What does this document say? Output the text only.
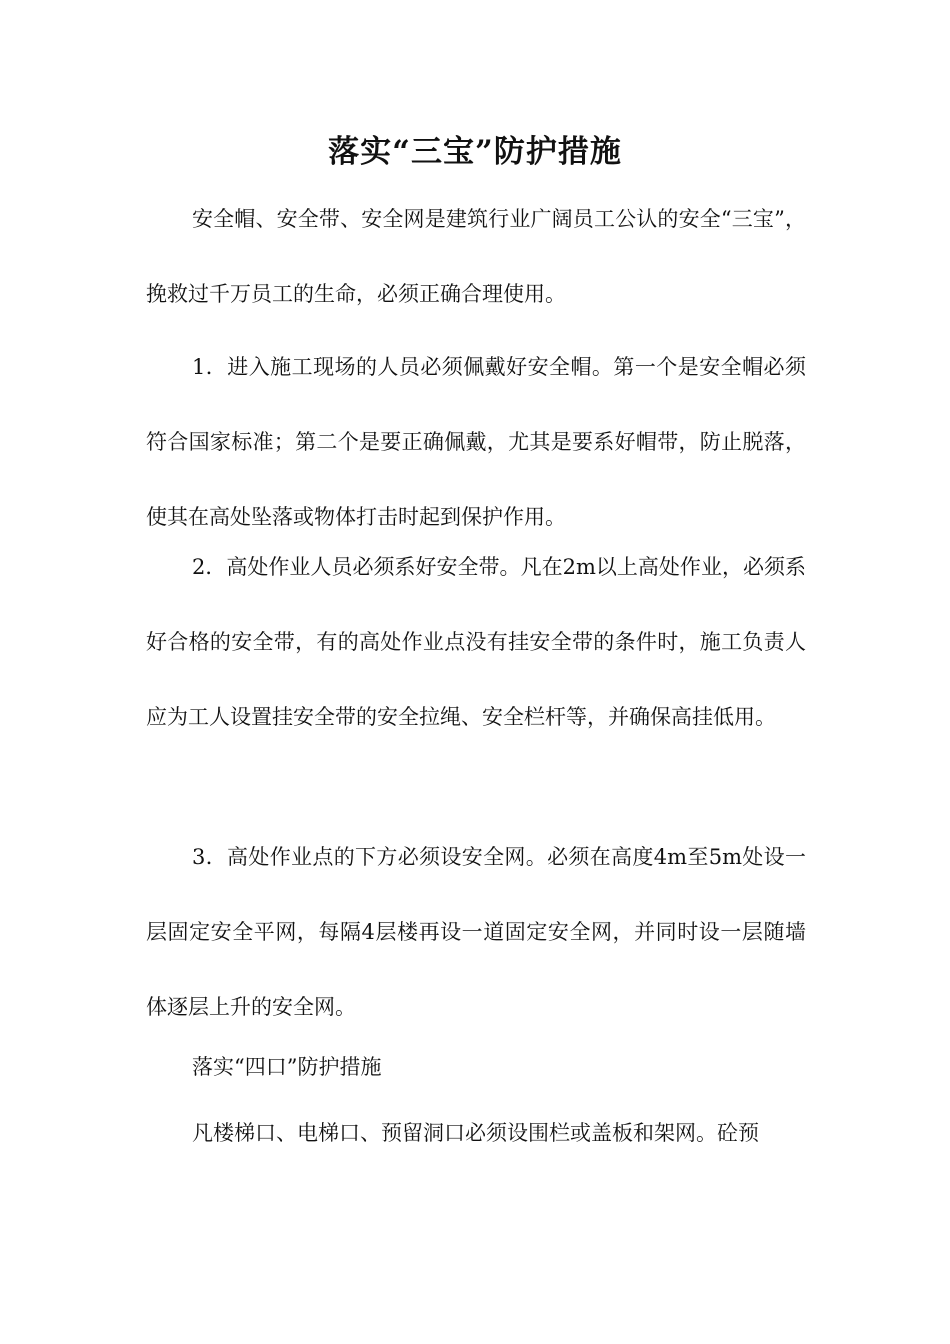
落实“三宝”防护措施

安全帽、安全带、安全网是建筑行业广阔员工公认的安全“三宝”，挽救过千万员工的生命，必须正确合理使用。

1．进入施工现场的人员必须佩戴好安全帽。第一个是安全帽必须符合国家标准；第二个是要正确佩戴，尤其是要系好帽带，防止脱落，使其在高处坠落或物体打击时起到保护作用。

2．高处作业人员必须系好安全带。凡在2m以上高处作业，必须系好合格的安全带，有的高处作业点没有挂安全带的条件时，施工负责人应为工人设置挂安全带的安全拉绳、安全栏杆等，并确保高挂低用。

3．高处作业点的下方必须设安全网。必须在高度4m至5m处设一层固定安全平网，每隔4层楼再设一道固定安全网，并同时设一层随墙体逐层上升的安全网。

落实“四口”防护措施

凡楼梯口、电梯口、预留洞口必须设围栏或盖板和架网。砼预
